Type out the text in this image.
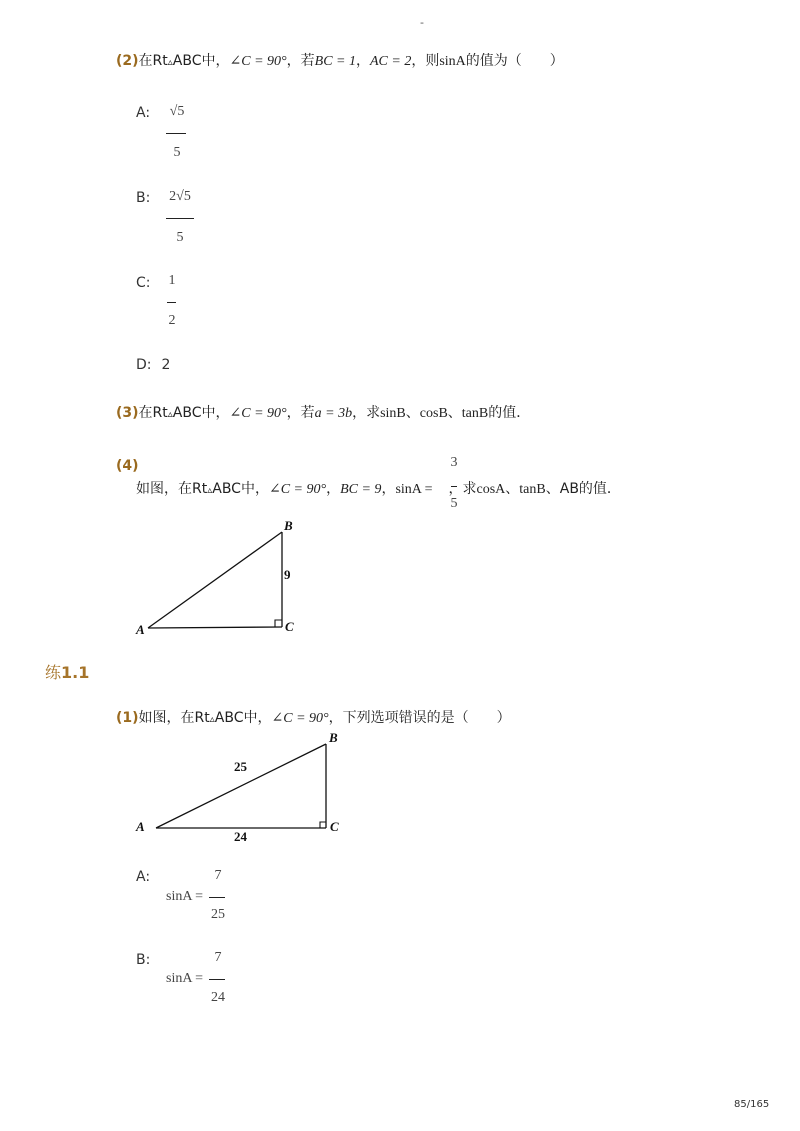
-
(2)在Rt▵ABC中，∠C = 90°，若BC = 1，AC = 2，则sinA的值为（　　）
A:	√5
5
B:	2√5
5
C:	1
2
D: 2
(3)在Rt▵ABC中，∠C = 90°，若a = 3b，求sinB、cosB、tanB的值．
(4)
如图，在Rt▵ABC中，∠C = 90°，BC = 9，sinA = ，求cosA、tanB、AB的值．
3
5
A
B
C
9
练1.1
(1)如图，在Rt▵ABC中，∠C = 90°，下列选项错误的是（　　）
A
B
C
25
24
A:
sinA =
7
25
B:
sinA =
7
24
85/165
